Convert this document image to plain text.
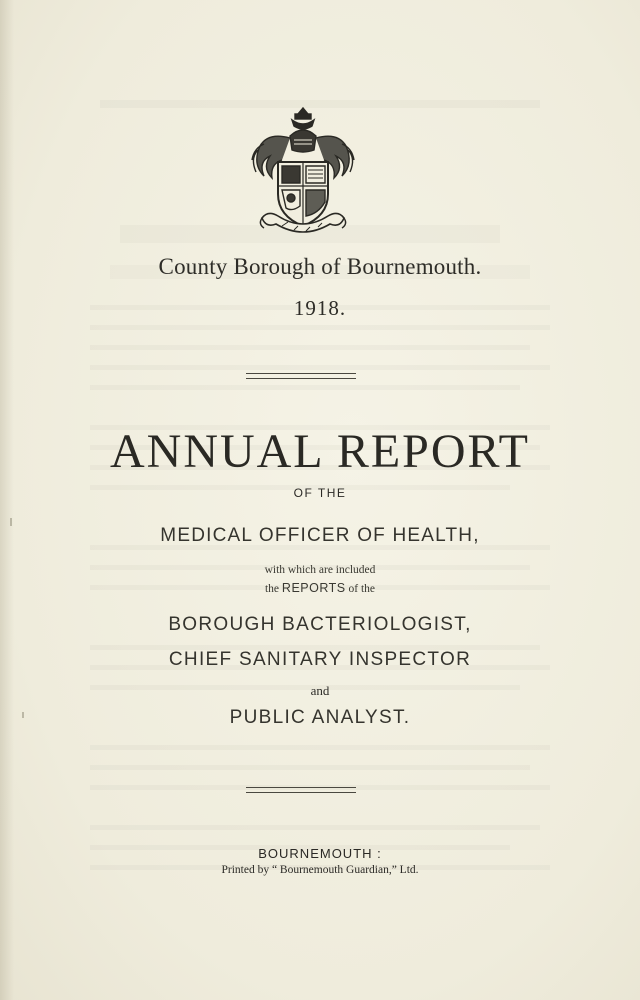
County Borough of Bournemouth.
1918.
ANNUAL REPORT
OF THE
MEDICAL OFFICER OF HEALTH,
with which are included
the REPORTS of the
BOROUGH BACTERIOLOGIST,
CHIEF SANITARY INSPECTOR
and
PUBLIC ANALYST.
BOURNEMOUTH :
Printed by “ Bournemouth Guardian,” Ltd.
